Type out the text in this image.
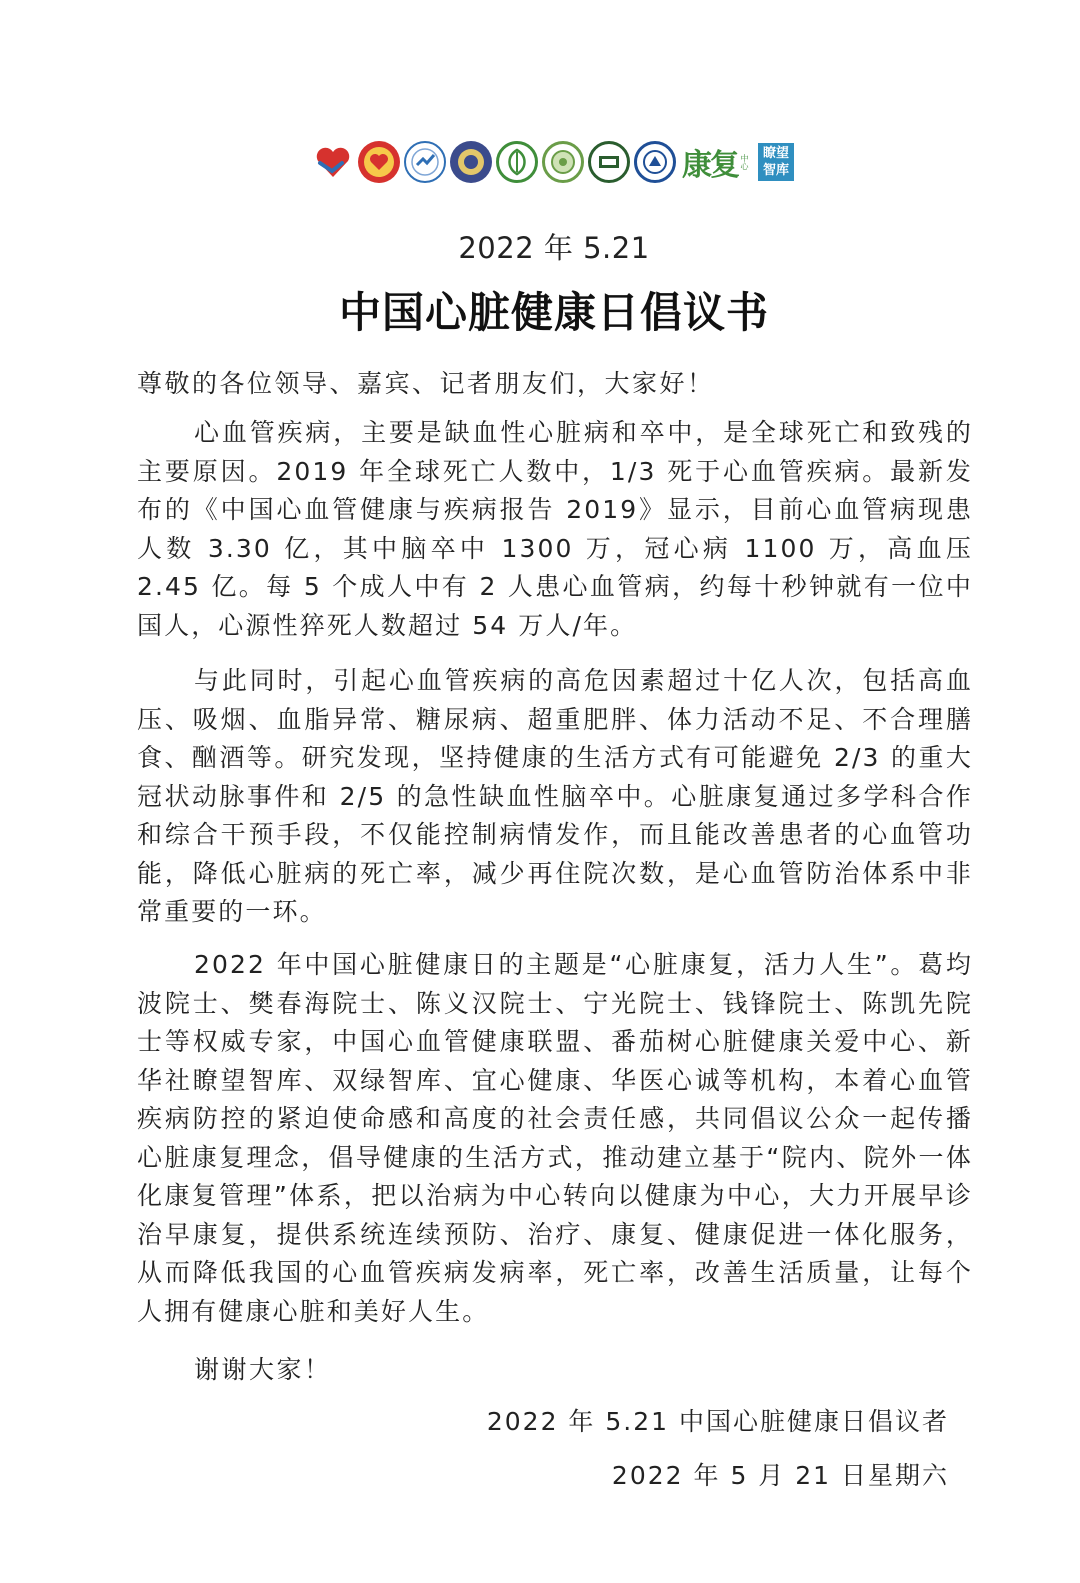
康复 中心
瞭望
智库
2022 年 5.21
中国心脏健康日倡议书
尊敬的各位领导、嘉宾、记者朋友们，大家好！

心血管疾病，主要是缺血性心脏病和卒中，是全球死亡和致残的主要原因。2019 年全球死亡人数中，1/3 死于心血管疾病。最新发布的《中国心血管健康与疾病报告 2019》显示，目前心血管病现患人数 3.30 亿，其中脑卒中 1300 万，冠心病 1100 万，高血压 2.45 亿。每 5 个成人中有 2 人患心血管病，约每十秒钟就有一位中国人，心源性猝死人数超过 54 万人/年。

与此同时，引起心血管疾病的高危因素超过十亿人次，包括高血压、吸烟、血脂异常、糖尿病、超重肥胖、体力活动不足、不合理膳食、酗酒等。研究发现，坚持健康的生活方式有可能避免 2/3 的重大冠状动脉事件和 2/5 的急性缺血性脑卒中。心脏康复通过多学科合作和综合干预手段，不仅能控制病情发作，而且能改善患者的心血管功能，降低心脏病的死亡率，减少再住院次数，是心血管防治体系中非常重要的一环。

2022 年中国心脏健康日的主题是“心脏康复，活力人生”。葛均波院士、樊春海院士、陈义汉院士、宁光院士、钱锋院士、陈凯先院士等权威专家，中国心血管健康联盟、番茄树心脏健康关爱中心、新华社瞭望智库、双绿智库、宜心健康、华医心诚等机构，本着心血管疾病防控的紧迫使命感和高度的社会责任感，共同倡议公众一起传播心脏康复理念，倡导健康的生活方式，推动建立基于“院内、院外一体化康复管理”体系，把以治病为中心转向以健康为中心，大力开展早诊治早康复，提供系统连续预防、治疗、康复、健康促进一体化服务，从而降低我国的心血管疾病发病率，死亡率，改善生活质量，让每个人拥有健康心脏和美好人生。

谢谢大家！
2022 年 5.21 中国心脏健康日倡议者
2022 年 5 月 21 日星期六
